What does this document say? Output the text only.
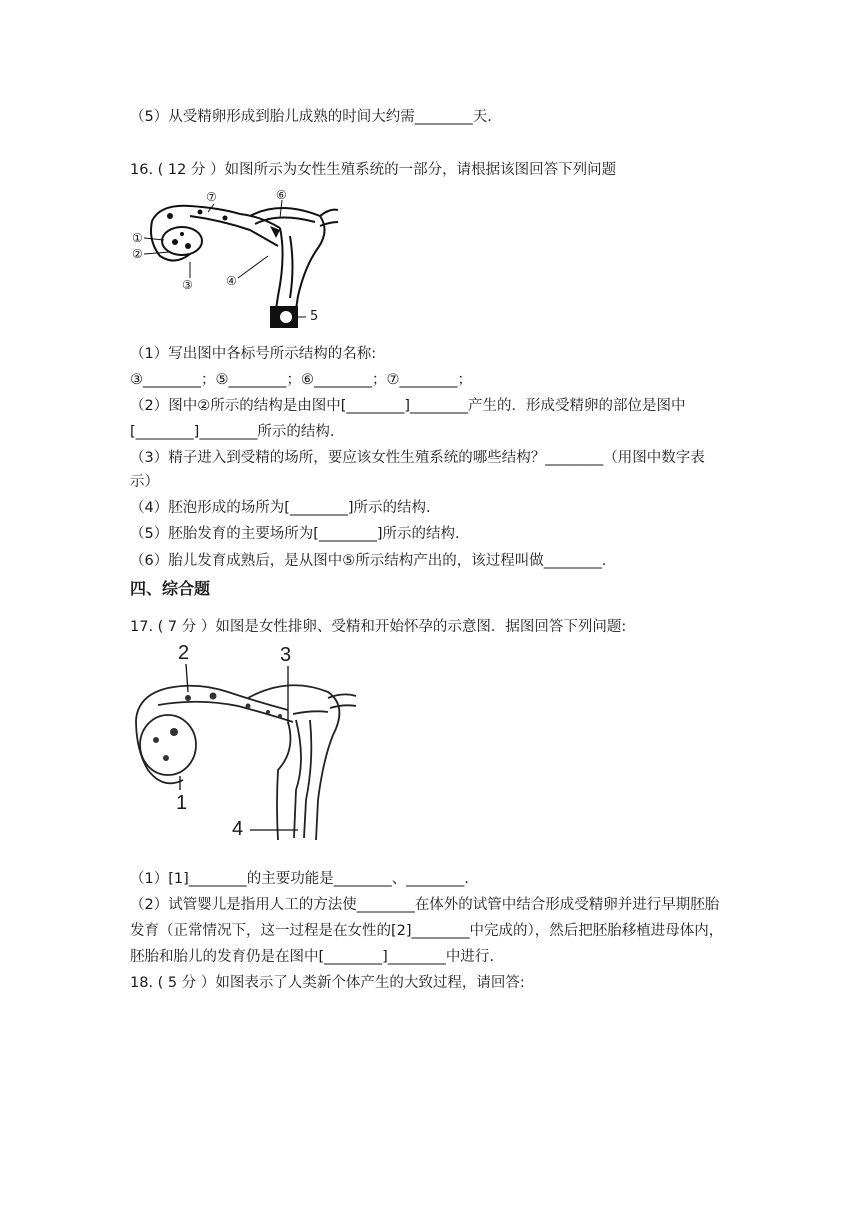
（5）从受精卵形成到胎儿成熟的时间大约需________天.
16. ( 12 分 ）如图所示为女性生殖系统的一部分，请根据该图回答下列问题
①
②
③	④
5
⑥
⑦
（1）写出图中各标号所示结构的名称:
③________；⑤________；⑥________；⑦________；
（2）图中②所示的结构是由图中[________]________产生的．形成受精卵的部位是图中
[________]________所示的结构.
（3）精子进入到受精的场所，要应该女性生殖系统的哪些结构？________（用图中数字表
示）
（4）胚泡形成的场所为[________]所示的结构.
（5）胚胎发育的主要场所为[________]所示的结构.
（6）胎儿发育成熟后，是从图中⑤所示结构产出的，该过程叫做________.
四、综合题
17. ( 7 分 ）如图是女性排卵、受精和开始怀孕的示意图．据图回答下列问题:
2	3
1
4
（1）[1]________的主要功能是________、________.
（2）试管婴儿是指用人工的方法使________在体外的试管中结合形成受精卵并进行早期胚胎
发育（正常情况下，这一过程是在女性的[2]________中完成的），然后把胚胎移植进母体内，
胚胎和胎儿的发育仍是在图中[________]________中进行.
18. ( 5 分 ）如图表示了人类新个体产生的大致过程，请回答:
